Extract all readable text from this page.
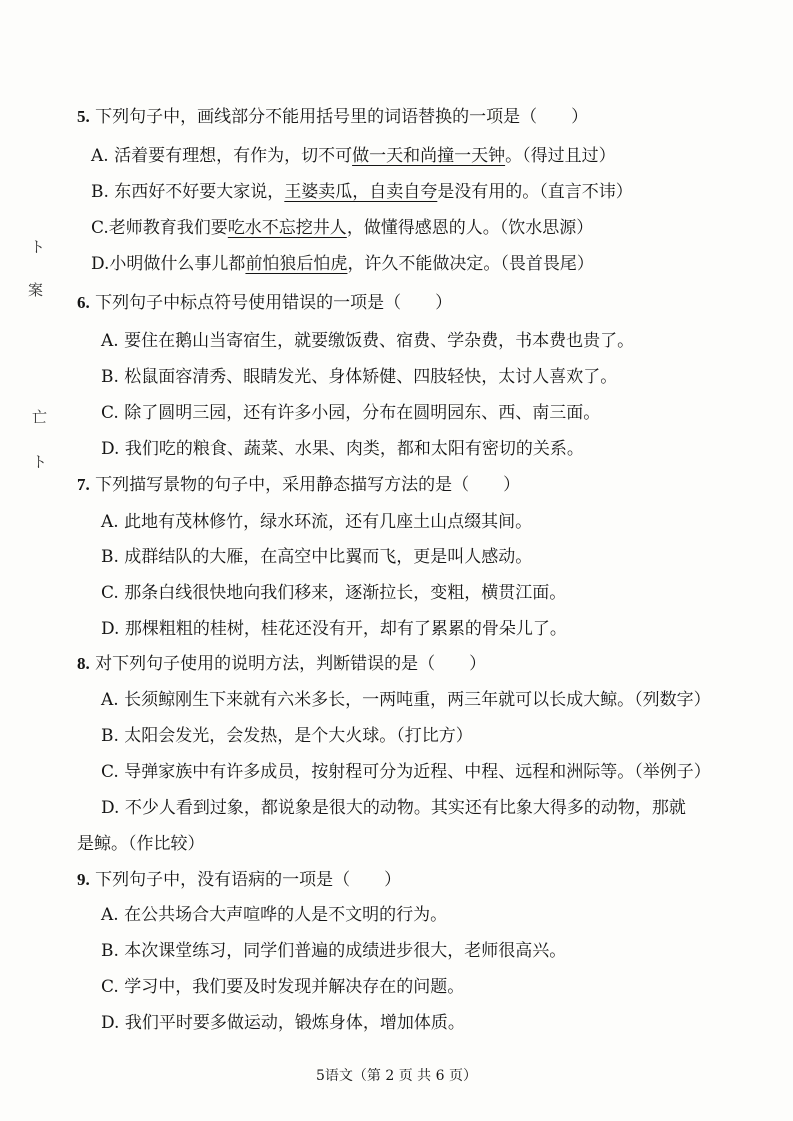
ト
案
亡
ト
5. 下列句子中，画线部分不能用括号里的词语替换的一项是（　　）
A. 活着要有理想，有作为，切不可做一天和尚撞一天钟。（得过且过）
B. 东西好不好要大家说，王婆卖瓜，自卖自夸是没有用的。（直言不讳）
C.老师教育我们要吃水不忘挖井人，做懂得感恩的人。（饮水思源）
D.小明做什么事儿都前怕狼后怕虎，许久不能做决定。（畏首畏尾）
6. 下列句子中标点符号使用错误的一项是（　　）
A. 要住在鹅山当寄宿生，就要缴饭费、宿费、学杂费，书本费也贵了。
B. 松鼠面容清秀、眼睛发光、身体矫健、四肢轻快，太讨人喜欢了。
C. 除了圆明三园，还有许多小园，分布在圆明园东、西、南三面。
D. 我们吃的粮食、蔬菜、水果、肉类，都和太阳有密切的关系。
7. 下列描写景物的句子中，采用静态描写方法的是（　　）
A. 此地有茂林修竹，绿水环流，还有几座土山点缀其间。
B. 成群结队的大雁，在高空中比翼而飞，更是叫人感动。
C. 那条白线很快地向我们移来，逐渐拉长，变粗，横贯江面。
D. 那棵粗粗的桂树，桂花还没有开，却有了累累的骨朵儿了。
8. 对下列句子使用的说明方法，判断错误的是（　　）
A. 长须鲸刚生下来就有六米多长，一两吨重，两三年就可以长成大鲸。（列数字）
B. 太阳会发光，会发热，是个大火球。（打比方）
C. 导弹家族中有许多成员，按射程可分为近程、中程、远程和洲际等。（举例子）
D. 不少人看到过象，都说象是很大的动物。其实还有比象大得多的动物，那就
是鲸。（作比较）
9. 下列句子中，没有语病的一项是（　　）
A. 在公共场合大声喧哗的人是不文明的行为。
B. 本次课堂练习，同学们普遍的成绩进步很大，老师很高兴。
C. 学习中，我们要及时发现并解决存在的问题。
D. 我们平时要多做运动，锻炼身体，增加体质。
5语文（第 2 页 共 6 页）
